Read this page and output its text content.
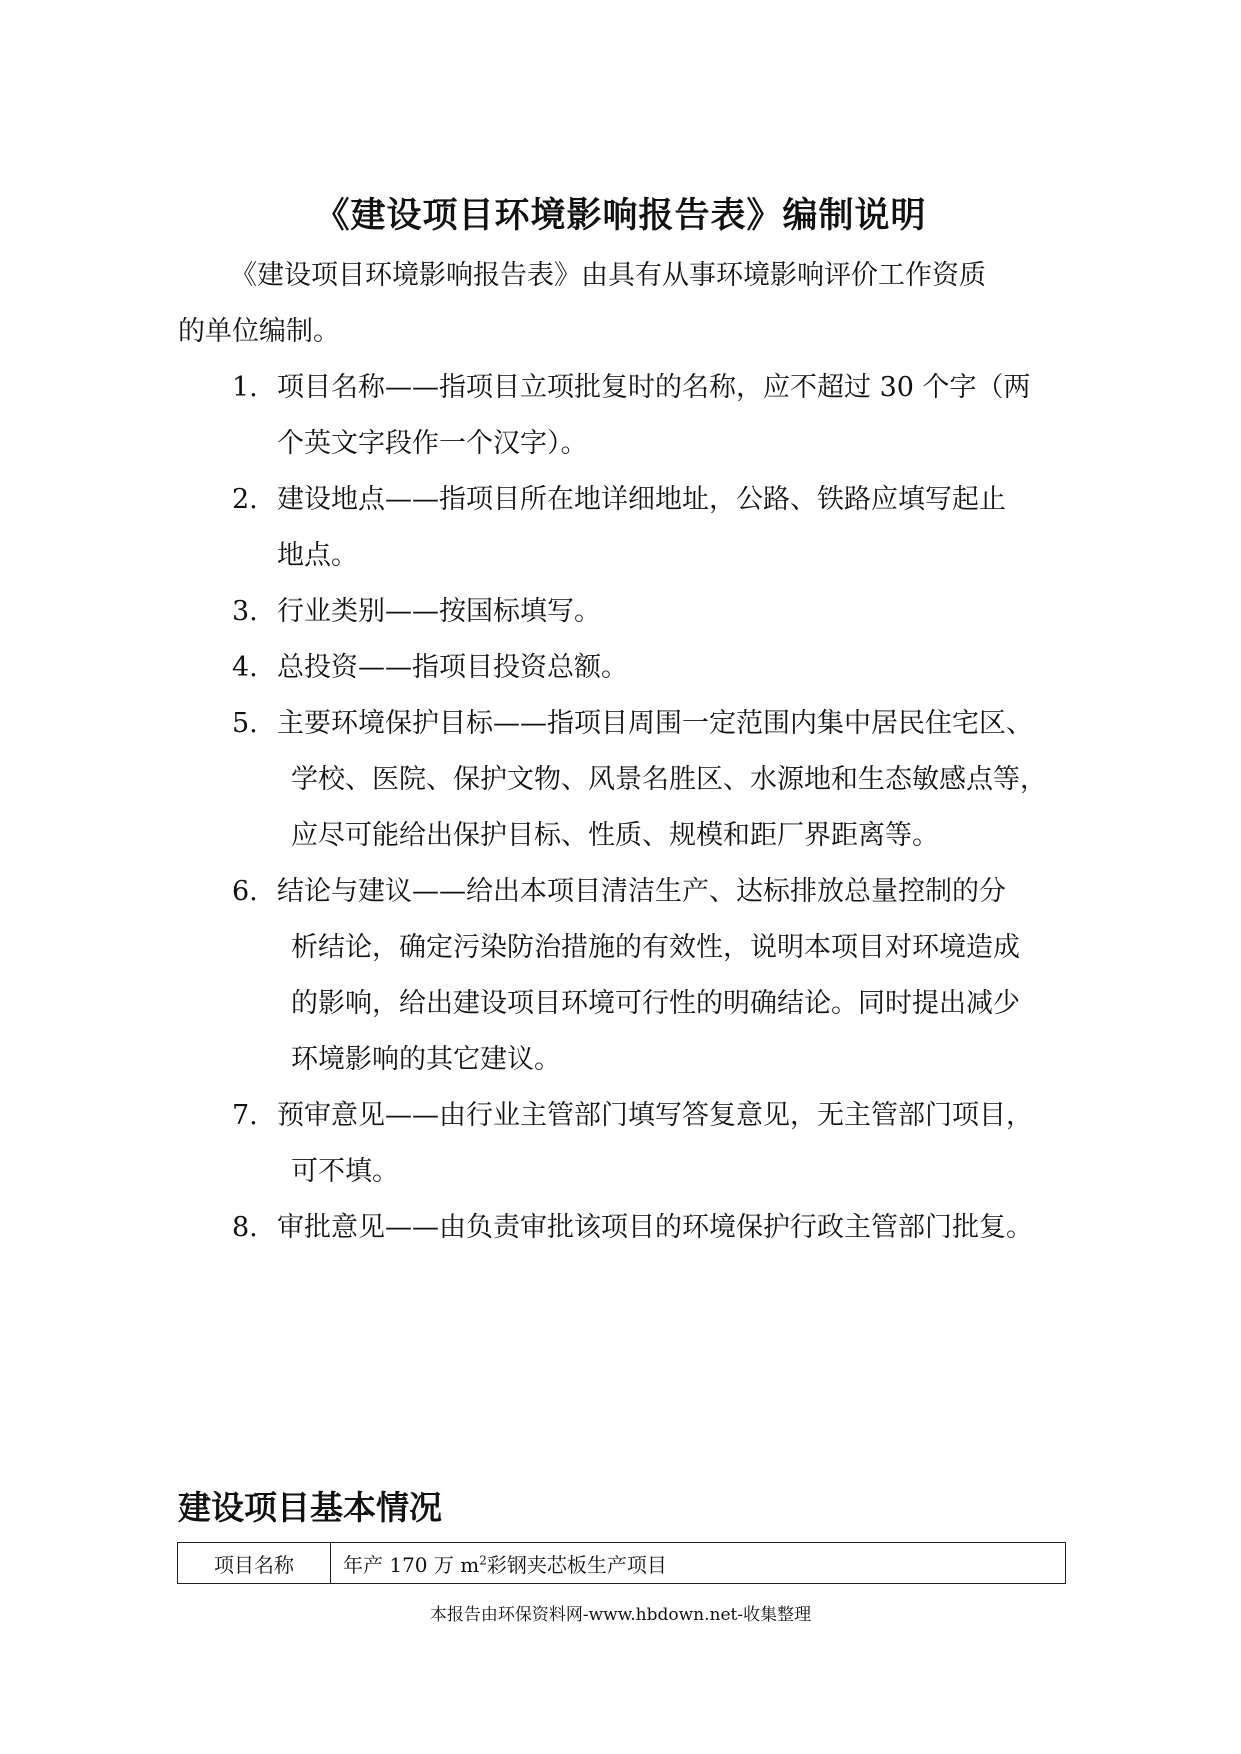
《建设项目环境影响报告表》编制说明
《建设项目环境影响报告表》由具有从事环境影响评价工作资质
的单位编制。
1. 项目名称——指项目立项批复时的名称，应不超过 30 个字（两
个英文字段作一个汉字）。
2. 建设地点——指项目所在地详细地址，公路、铁路应填写起止
地点。
3. 行业类别——按国标填写。
4. 总投资——指项目投资总额。
5. 主要环境保护目标——指项目周围一定范围内集中居民住宅区、
学校、医院、保护文物、风景名胜区、水源地和生态敏感点等，
应尽可能给出保护目标、性质、规模和距厂界距离等。
6. 结论与建议——给出本项目清洁生产、达标排放总量控制的分
析结论，确定污染防治措施的有效性，说明本项目对环境造成
的影响，给出建设项目环境可行性的明确结论。同时提出减少
环境影响的其它建议。
7. 预审意见——由行业主管部门填写答复意见，无主管部门项目，
可不填。
8. 审批意见——由负责审批该项目的环境保护行政主管部门批复。
建设项目基本情况
项目名称	年产 170 万 $m^2$彩钢夹芯板生产项目
本报告由环保资料网-www.hbdown.net-收集整理
